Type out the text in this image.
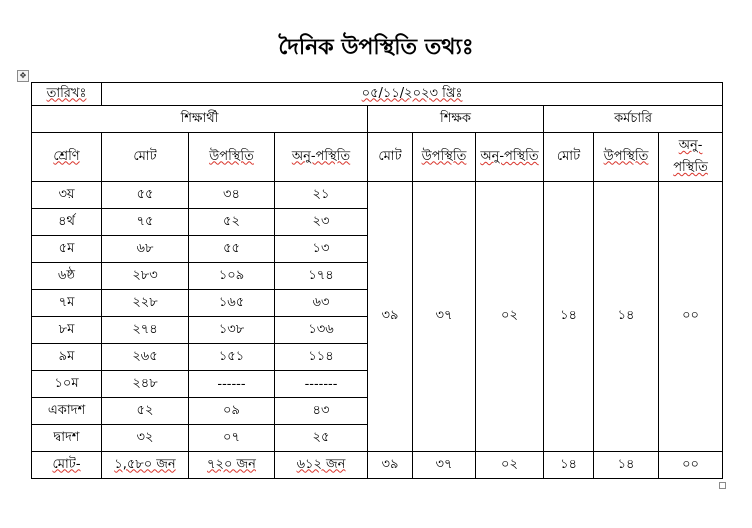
দৈনিক উপস্থিতি তথ্যঃ
✥
তারিখঃ	০৫/১১/২০২৩ খ্রিঃ								
শিক্ষার্থী				শিক্ষক			কর্মচারি		
শ্রেণি	মোট	উপস্থিতি	অনু-পস্থিতি	মোট	উপস্থিতি	অনু-পস্থিতি	মোট	উপস্থিতি	অনু-পস্থিতি
৩য়	৫৫	৩৪	২১	৩৯	৩৭	০২	১৪	১৪	০০
৪র্থ	৭৫	৫২	২৩						
৫ম	৬৮	৫৫	১৩						
৬ষ্ঠ	২৮৩	১০৯	১৭৪						
৭ম	২২৮	১৬৫	৬৩						
৮ম	২৭৪	১৩৮	১৩৬						
৯ম	২৬৫	১৫১	১১৪						
১০ম	২৪৮	------	-------						
একাদশ	৫২	০৯	৪৩						
দ্বাদশ	৩২	০৭	২৫						
মোট-	১,৫৮০ জন	৭২০ জন	৬১২ জন	৩৯	৩৭	০২	১৪	১৪	০০
